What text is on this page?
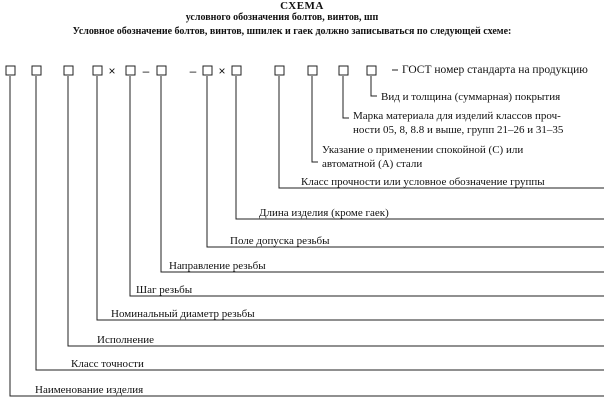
СХЕМА
условного обозначения болтов, винтов, шп
Условное обозначение болтов, винтов, шпилек и гаек должно записываться по следующей схеме:
× –	– ×	ГОСТ номер стандарта на продукцию
Вид и толщина (суммарная) покрытия
Марка материала для изделий классов проч-
ности 05, 8, 8.8 и выше, групп 21–26 и 31–35
Указание о применении спокойной (С) или
автоматной (А) стали
Класс прочности или условное обозначение группы
Длина изделия (кроме гаек)
Поле допуска резьбы
Направление резьбы
Шаг резьбы
Номинальный диаметр резьбы
Исполнение
Класс точности
Наименование изделия
